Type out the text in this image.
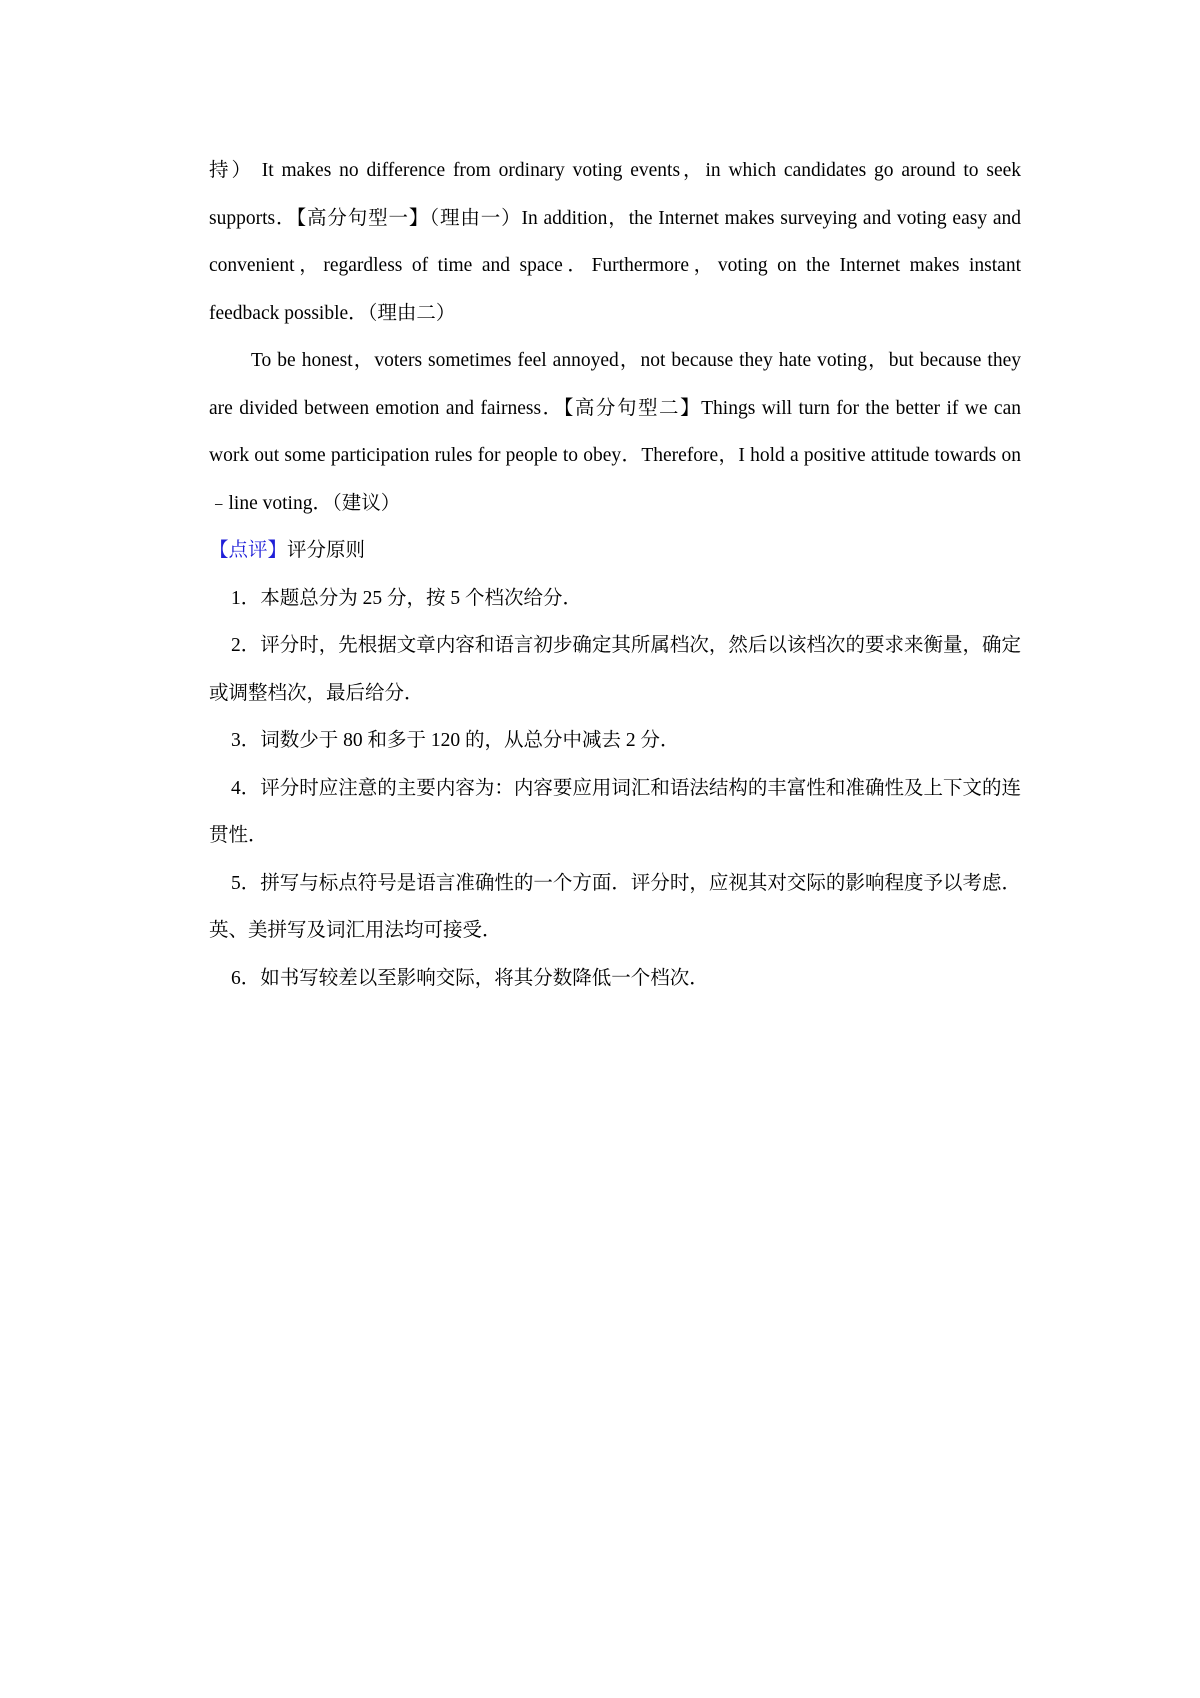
持） It makes no difference from ordinary voting events，in which candidates go around to seek supports．【高分句型一】（理由一）In addition，the Internet makes surveying and voting easy and convenient，regardless of time and space．Furthermore，voting on the Internet makes instant feedback possible．（理由二）

To be honest，voters sometimes feel annoyed，not because they hate voting，but because they are divided between emotion and fairness．【高分句型二】Things will turn for the better if we can work out some participation rules for people to obey．Therefore，I hold a positive attitude towards on﹣line voting．（建议）

【点评】评分原则

1．本题总分为 25 分，按 5 个档次给分．

2．评分时，先根据文章内容和语言初步确定其所属档次，然后以该档次的要求来衡量，确定或调整档次，最后给分．

3．词数少于 80 和多于 120 的，从总分中减去 2 分．

4．评分时应注意的主要内容为：内容要应用词汇和语法结构的丰富性和准确性及上下文的连贯性．

5．拼写与标点符号是语言准确性的一个方面．评分时，应视其对交际的影响程度予以考虑．英、美拼写及词汇用法均可接受．

6．如书写较差以至影响交际，将其分数降低一个档次．
